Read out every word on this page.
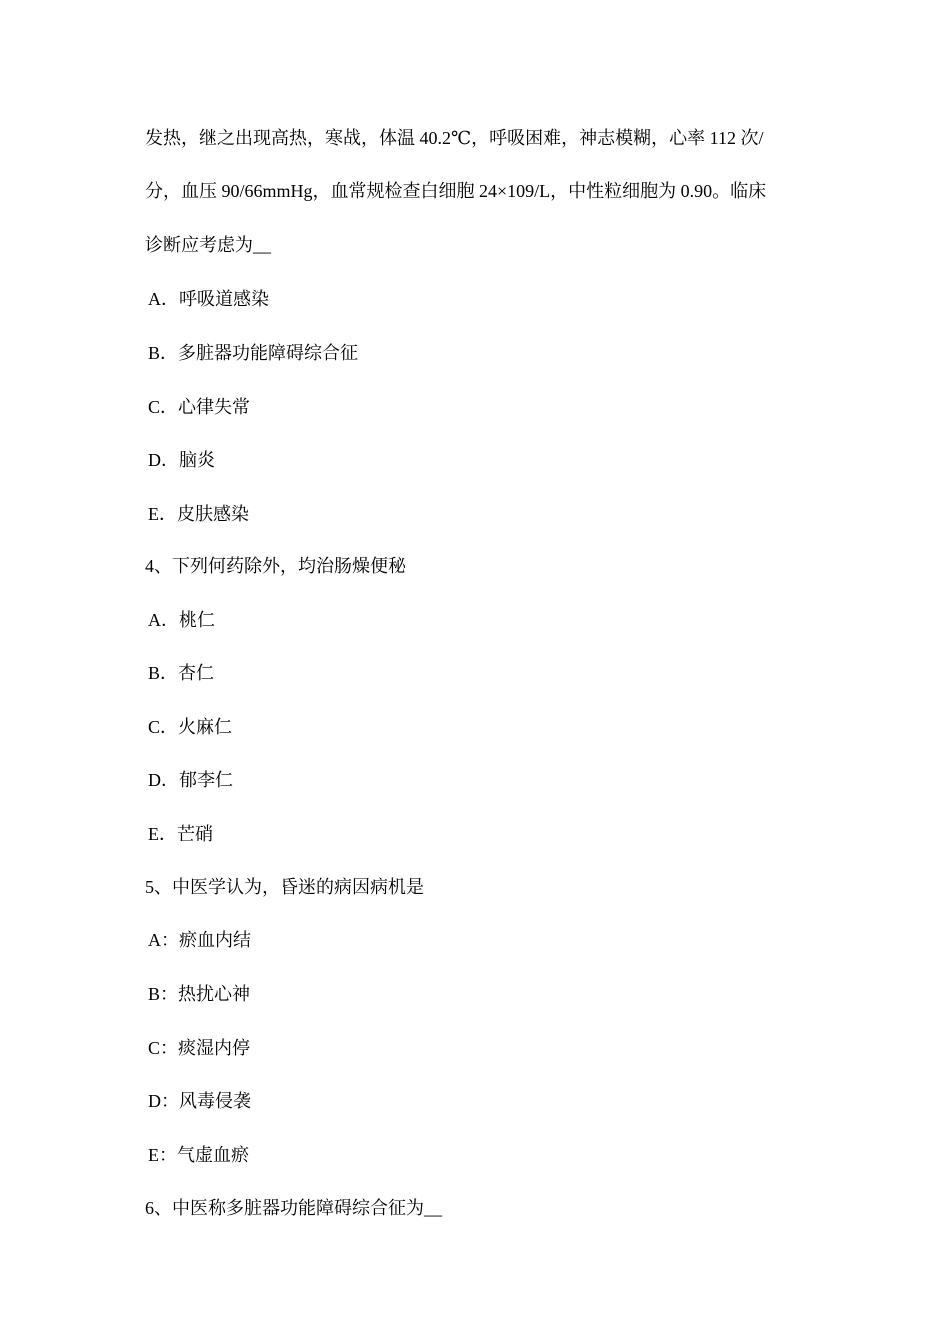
发热，继之出现高热，寒战，体温 40.2℃，呼吸困难，神志模糊，心率 112 次/
分，血压 90/66mmHg，血常规检查白细胞 24×109/L，中性粒细胞为 0.90。临床
诊断应考虑为__
A．呼吸道感染
B．多脏器功能障碍综合征
C．心律失常
D．脑炎
E．皮肤感染
4、下列何药除外，均治肠燥便秘
A．桃仁
B．杏仁
C．火麻仁
D．郁李仁
E．芒硝
5、中医学认为，昏迷的病因病机是
A：瘀血内结
B：热扰心神
C：痰湿内停
D：风毒侵袭
E：气虚血瘀
6、中医称多脏器功能障碍综合征为__
